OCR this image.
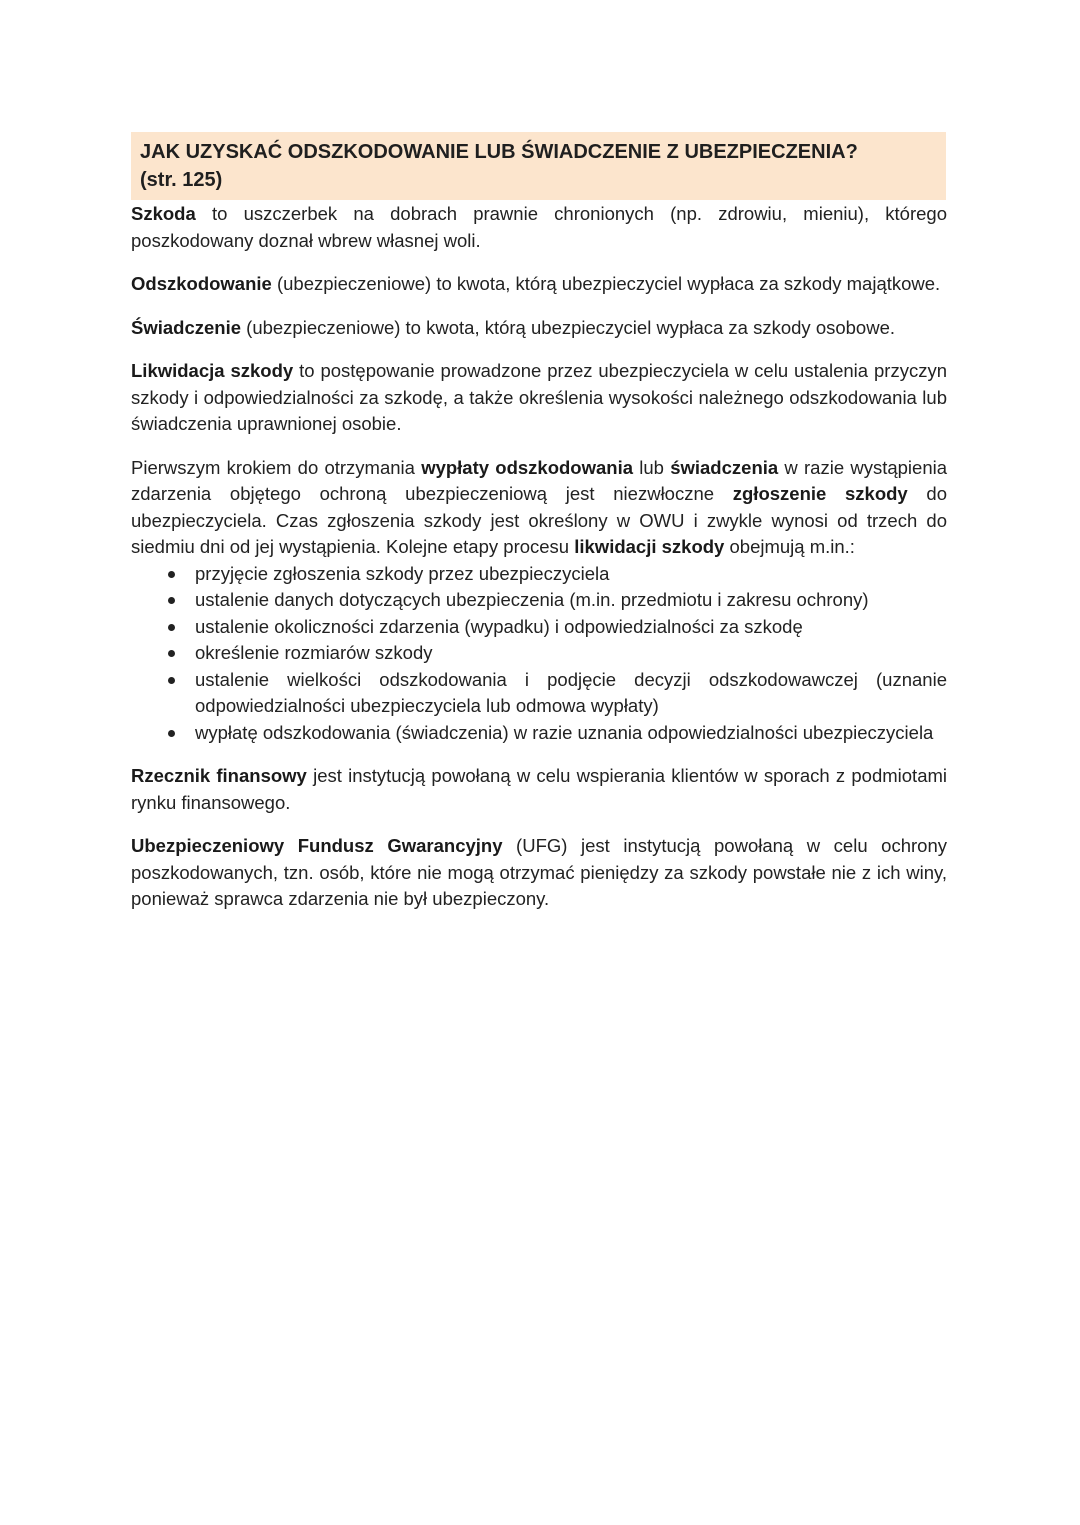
JAK UZYSKAĆ ODSZKODOWANIE LUB ŚWIADCZENIE Z UBEZPIECZENIA?
(str. 125)

Szkoda to uszczerbek na dobrach prawnie chronionych (np. zdrowiu, mieniu), którego poszkodowany doznał wbrew własnej woli.

Odszkodowanie (ubezpieczeniowe) to kwota, którą ubezpieczyciel wypłaca za szkody majątkowe.

Świadczenie (ubezpieczeniowe) to kwota, którą ubezpieczyciel wypłaca za szkody osobowe.

Likwidacja szkody to postępowanie prowadzone przez ubezpieczyciela w celu ustalenia przyczyn szkody i odpowiedzialności za szkodę, a także określenia wysokości należnego odszkodowania lub świadczenia uprawnionej osobie.

Pierwszym krokiem do otrzymania wypłaty odszkodowania lub świadczenia w razie wystąpienia zdarzenia objętego ochroną ubezpieczeniową jest niezwłoczne zgłoszenie szkody do ubezpieczyciela. Czas zgłoszenia szkody jest określony w OWU i zwykle wynosi od trzech do siedmiu dni od jej wystąpienia. Kolejne etapy procesu likwidacji szkody obejmują m.in.:

przyjęcie zgłoszenia szkody przez ubezpieczyciela
ustalenie danych dotyczących ubezpieczenia (m.in. przedmiotu i zakresu ochrony)
ustalenie okoliczności zdarzenia (wypadku) i odpowiedzialności za szkodę
określenie rozmiarów szkody
ustalenie wielkości odszkodowania i podjęcie decyzji odszkodowawczej (uznanie odpowiedzialności ubezpieczyciela lub odmowa wypłaty)
wypłatę odszkodowania (świadczenia) w razie uznania odpowiedzialności ubezpieczyciela

Rzecznik finansowy jest instytucją powołaną w celu wspierania klientów w sporach z podmiotami rynku finansowego.

Ubezpieczeniowy Fundusz Gwarancyjny (UFG) jest instytucją powołaną w celu ochrony poszkodowanych, tzn. osób, które nie mogą otrzymać pieniędzy za szkody powstałe nie z ich winy, ponieważ sprawca zdarzenia nie był ubezpieczony.
